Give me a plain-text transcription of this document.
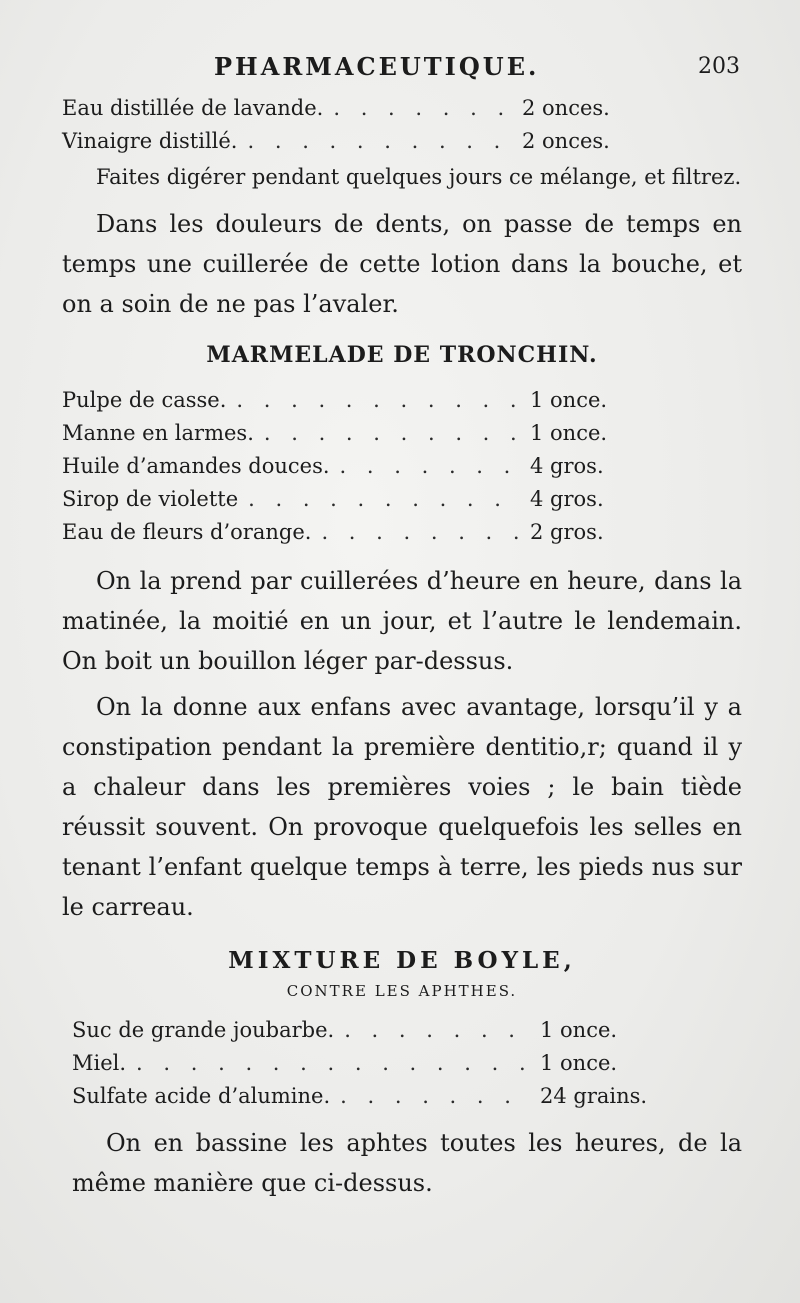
PHARMACEUTIQUE.	203
Eau distillée de lavande. . . .	2 onces.
Vinaigre distillé. . . .	2 onces.

Faites digérer pendant quelques jours ce mélange, et filtrez.

Dans les douleurs de dents, on passe de temps en temps une cuillerée de cette lotion dans la bouche, et on a soin de ne pas l’avaler.

MARMELADE DE TRONCHIN.

Pulpe de casse. . . .	1 once.
Manne en larmes. . . .	1 once.
Huile d’amandes douces. . . .	4 gros.
Sirop de violette . . .	4 gros.
Eau de fleurs d’orange. . . .	2 gros.

On la prend par cuillerées d’heure en heure, dans la matinée, la moitié en un jour, et l’autre le lendemain. On boit un bouillon léger par-dessus.

On la donne aux enfans avec avantage, lorsqu’il y a constipation pendant la première dentitio,r; quand il y a chaleur dans les premières voies ; le bain tiède réussit souvent. On provoque quelquefois les selles en tenant l’enfant quelque temps à terre, les pieds nus sur le carreau.

MIXTURE DE BOYLE,

CONTRE LES APHTHES.

Suc de grande joubarbe. . . .	1 once.
Miel. . . .	1 once.
Sulfate acide d’alumine. . . .	24 grains.

On en bassine les aphtes toutes les heures, de la même manière que ci-dessus.
